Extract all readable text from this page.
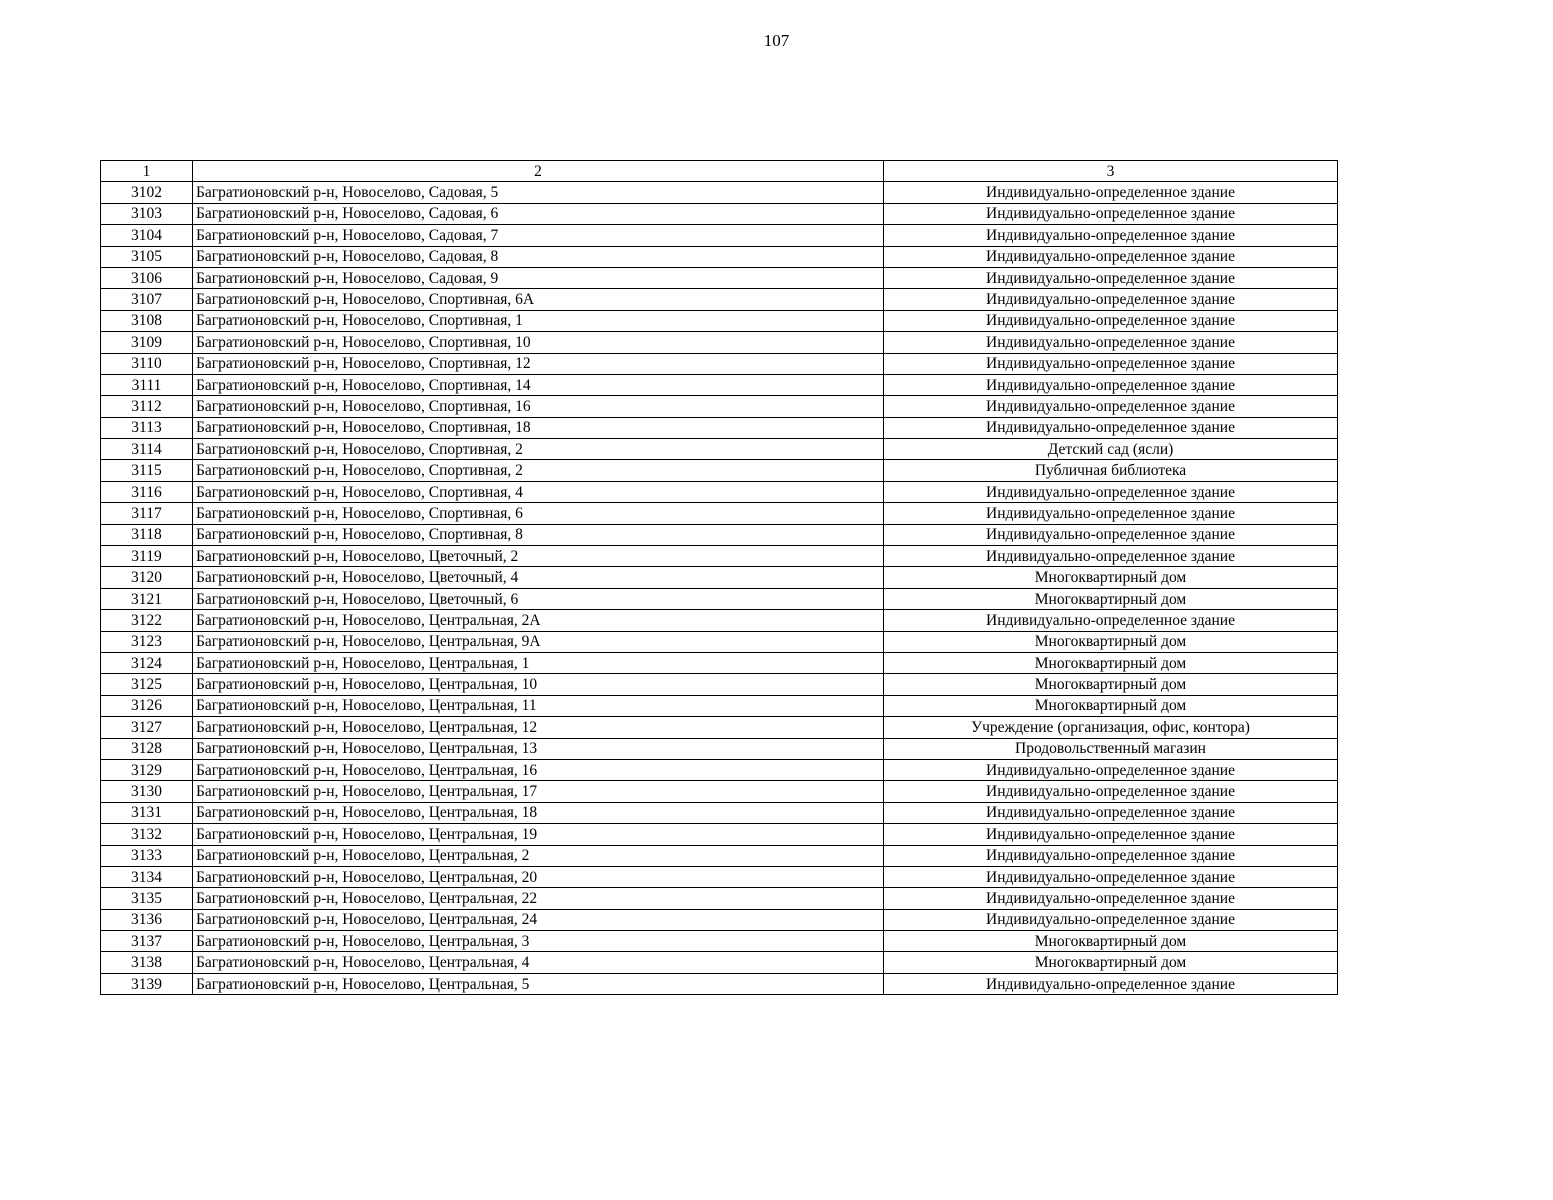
107
1	2	3
3102	Багратионовский р-н, Новоселово, Садовая, 5	Индивидуально-определенное здание
3103	Багратионовский р-н, Новоселово, Садовая, 6	Индивидуально-определенное здание
3104	Багратионовский р-н, Новоселово, Садовая, 7	Индивидуально-определенное здание
3105	Багратионовский р-н, Новоселово, Садовая, 8	Индивидуально-определенное здание
3106	Багратионовский р-н, Новоселово, Садовая, 9	Индивидуально-определенное здание
3107	Багратионовский р-н, Новоселово, Спортивная, 6А	Индивидуально-определенное здание
3108	Багратионовский р-н, Новоселово, Спортивная, 1	Индивидуально-определенное здание
3109	Багратионовский р-н, Новоселово, Спортивная, 10	Индивидуально-определенное здание
3110	Багратионовский р-н, Новоселово, Спортивная, 12	Индивидуально-определенное здание
3111	Багратионовский р-н, Новоселово, Спортивная, 14	Индивидуально-определенное здание
3112	Багратионовский р-н, Новоселово, Спортивная, 16	Индивидуально-определенное здание
3113	Багратионовский р-н, Новоселово, Спортивная, 18	Индивидуально-определенное здание
3114	Багратионовский р-н, Новоселово, Спортивная, 2	Детский сад (ясли)
3115	Багратионовский р-н, Новоселово, Спортивная, 2	Публичная библиотека
3116	Багратионовский р-н, Новоселово, Спортивная, 4	Индивидуально-определенное здание
3117	Багратионовский р-н, Новоселово, Спортивная, 6	Индивидуально-определенное здание
3118	Багратионовский р-н, Новоселово, Спортивная, 8	Индивидуально-определенное здание
3119	Багратионовский р-н, Новоселово, Цветочный, 2	Индивидуально-определенное здание
3120	Багратионовский р-н, Новоселово, Цветочный, 4	Многоквартирный дом
3121	Багратионовский р-н, Новоселово, Цветочный, 6	Многоквартирный дом
3122	Багратионовский р-н, Новоселово, Центральная, 2А	Индивидуально-определенное здание
3123	Багратионовский р-н, Новоселово, Центральная, 9А	Многоквартирный дом
3124	Багратионовский р-н, Новоселово, Центральная, 1	Многоквартирный дом
3125	Багратионовский р-н, Новоселово, Центральная, 10	Многоквартирный дом
3126	Багратионовский р-н, Новоселово, Центральная, 11	Многоквартирный дом
3127	Багратионовский р-н, Новоселово, Центральная, 12	Учреждение (организация, офис, контора)
3128	Багратионовский р-н, Новоселово, Центральная, 13	Продовольственный магазин
3129	Багратионовский р-н, Новоселово, Центральная, 16	Индивидуально-определенное здание
3130	Багратионовский р-н, Новоселово, Центральная, 17	Индивидуально-определенное здание
3131	Багратионовский р-н, Новоселово, Центральная, 18	Индивидуально-определенное здание
3132	Багратионовский р-н, Новоселово, Центральная, 19	Индивидуально-определенное здание
3133	Багратионовский р-н, Новоселово, Центральная, 2	Индивидуально-определенное здание
3134	Багратионовский р-н, Новоселово, Центральная, 20	Индивидуально-определенное здание
3135	Багратионовский р-н, Новоселово, Центральная, 22	Индивидуально-определенное здание
3136	Багратионовский р-н, Новоселово, Центральная, 24	Индивидуально-определенное здание
3137	Багратионовский р-н, Новоселово, Центральная, 3	Многоквартирный дом
3138	Багратионовский р-н, Новоселово, Центральная, 4	Многоквартирный дом
3139	Багратионовский р-н, Новоселово, Центральная, 5	Индивидуально-определенное здание
